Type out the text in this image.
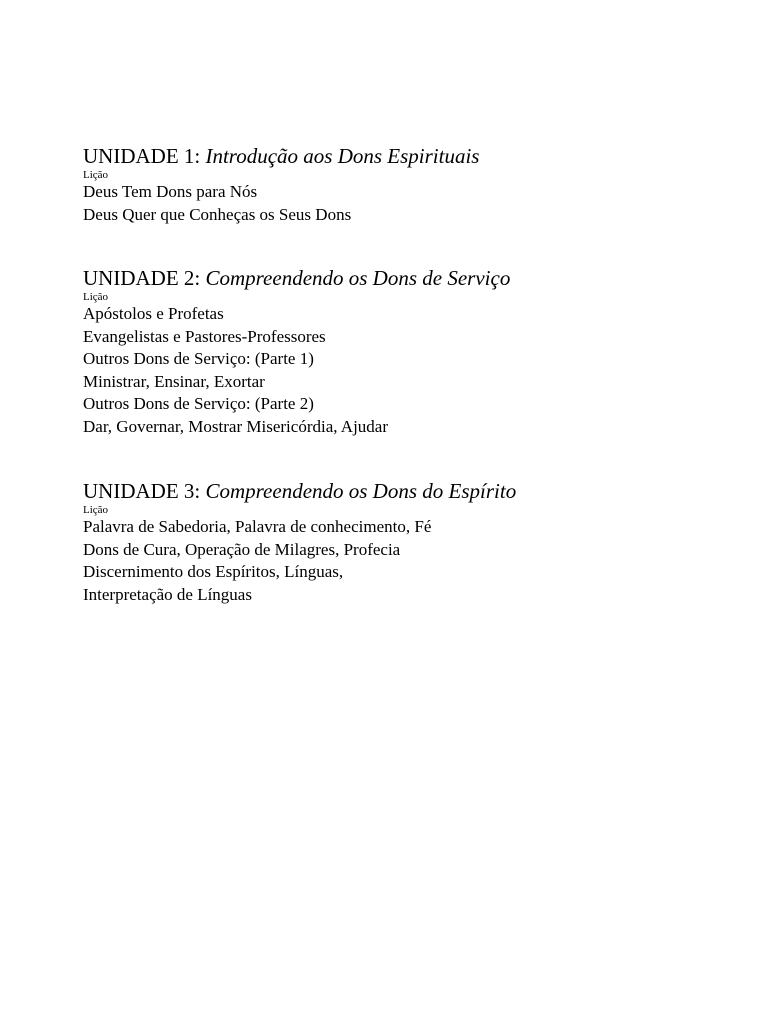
UNIDADE 1: Introdução aos Dons Espirituais
Lição
Deus Tem Dons para Nós
Deus Quer que Conheças os Seus Dons
UNIDADE 2: Compreendendo os Dons de Serviço
Lição
Apóstolos e Profetas
Evangelistas e Pastores-Professores
Outros Dons de Serviço: (Parte 1)
Ministrar, Ensinar, Exortar
Outros Dons de Serviço: (Parte 2)
Dar, Governar, Mostrar Misericórdia, Ajudar
UNIDADE 3: Compreendendo os Dons do Espírito
Lição
Palavra de Sabedoria, Palavra de conhecimento, Fé
Dons de Cura, Operação de Milagres, Profecia
Discernimento dos Espíritos, Línguas,
Interpretação de Línguas
